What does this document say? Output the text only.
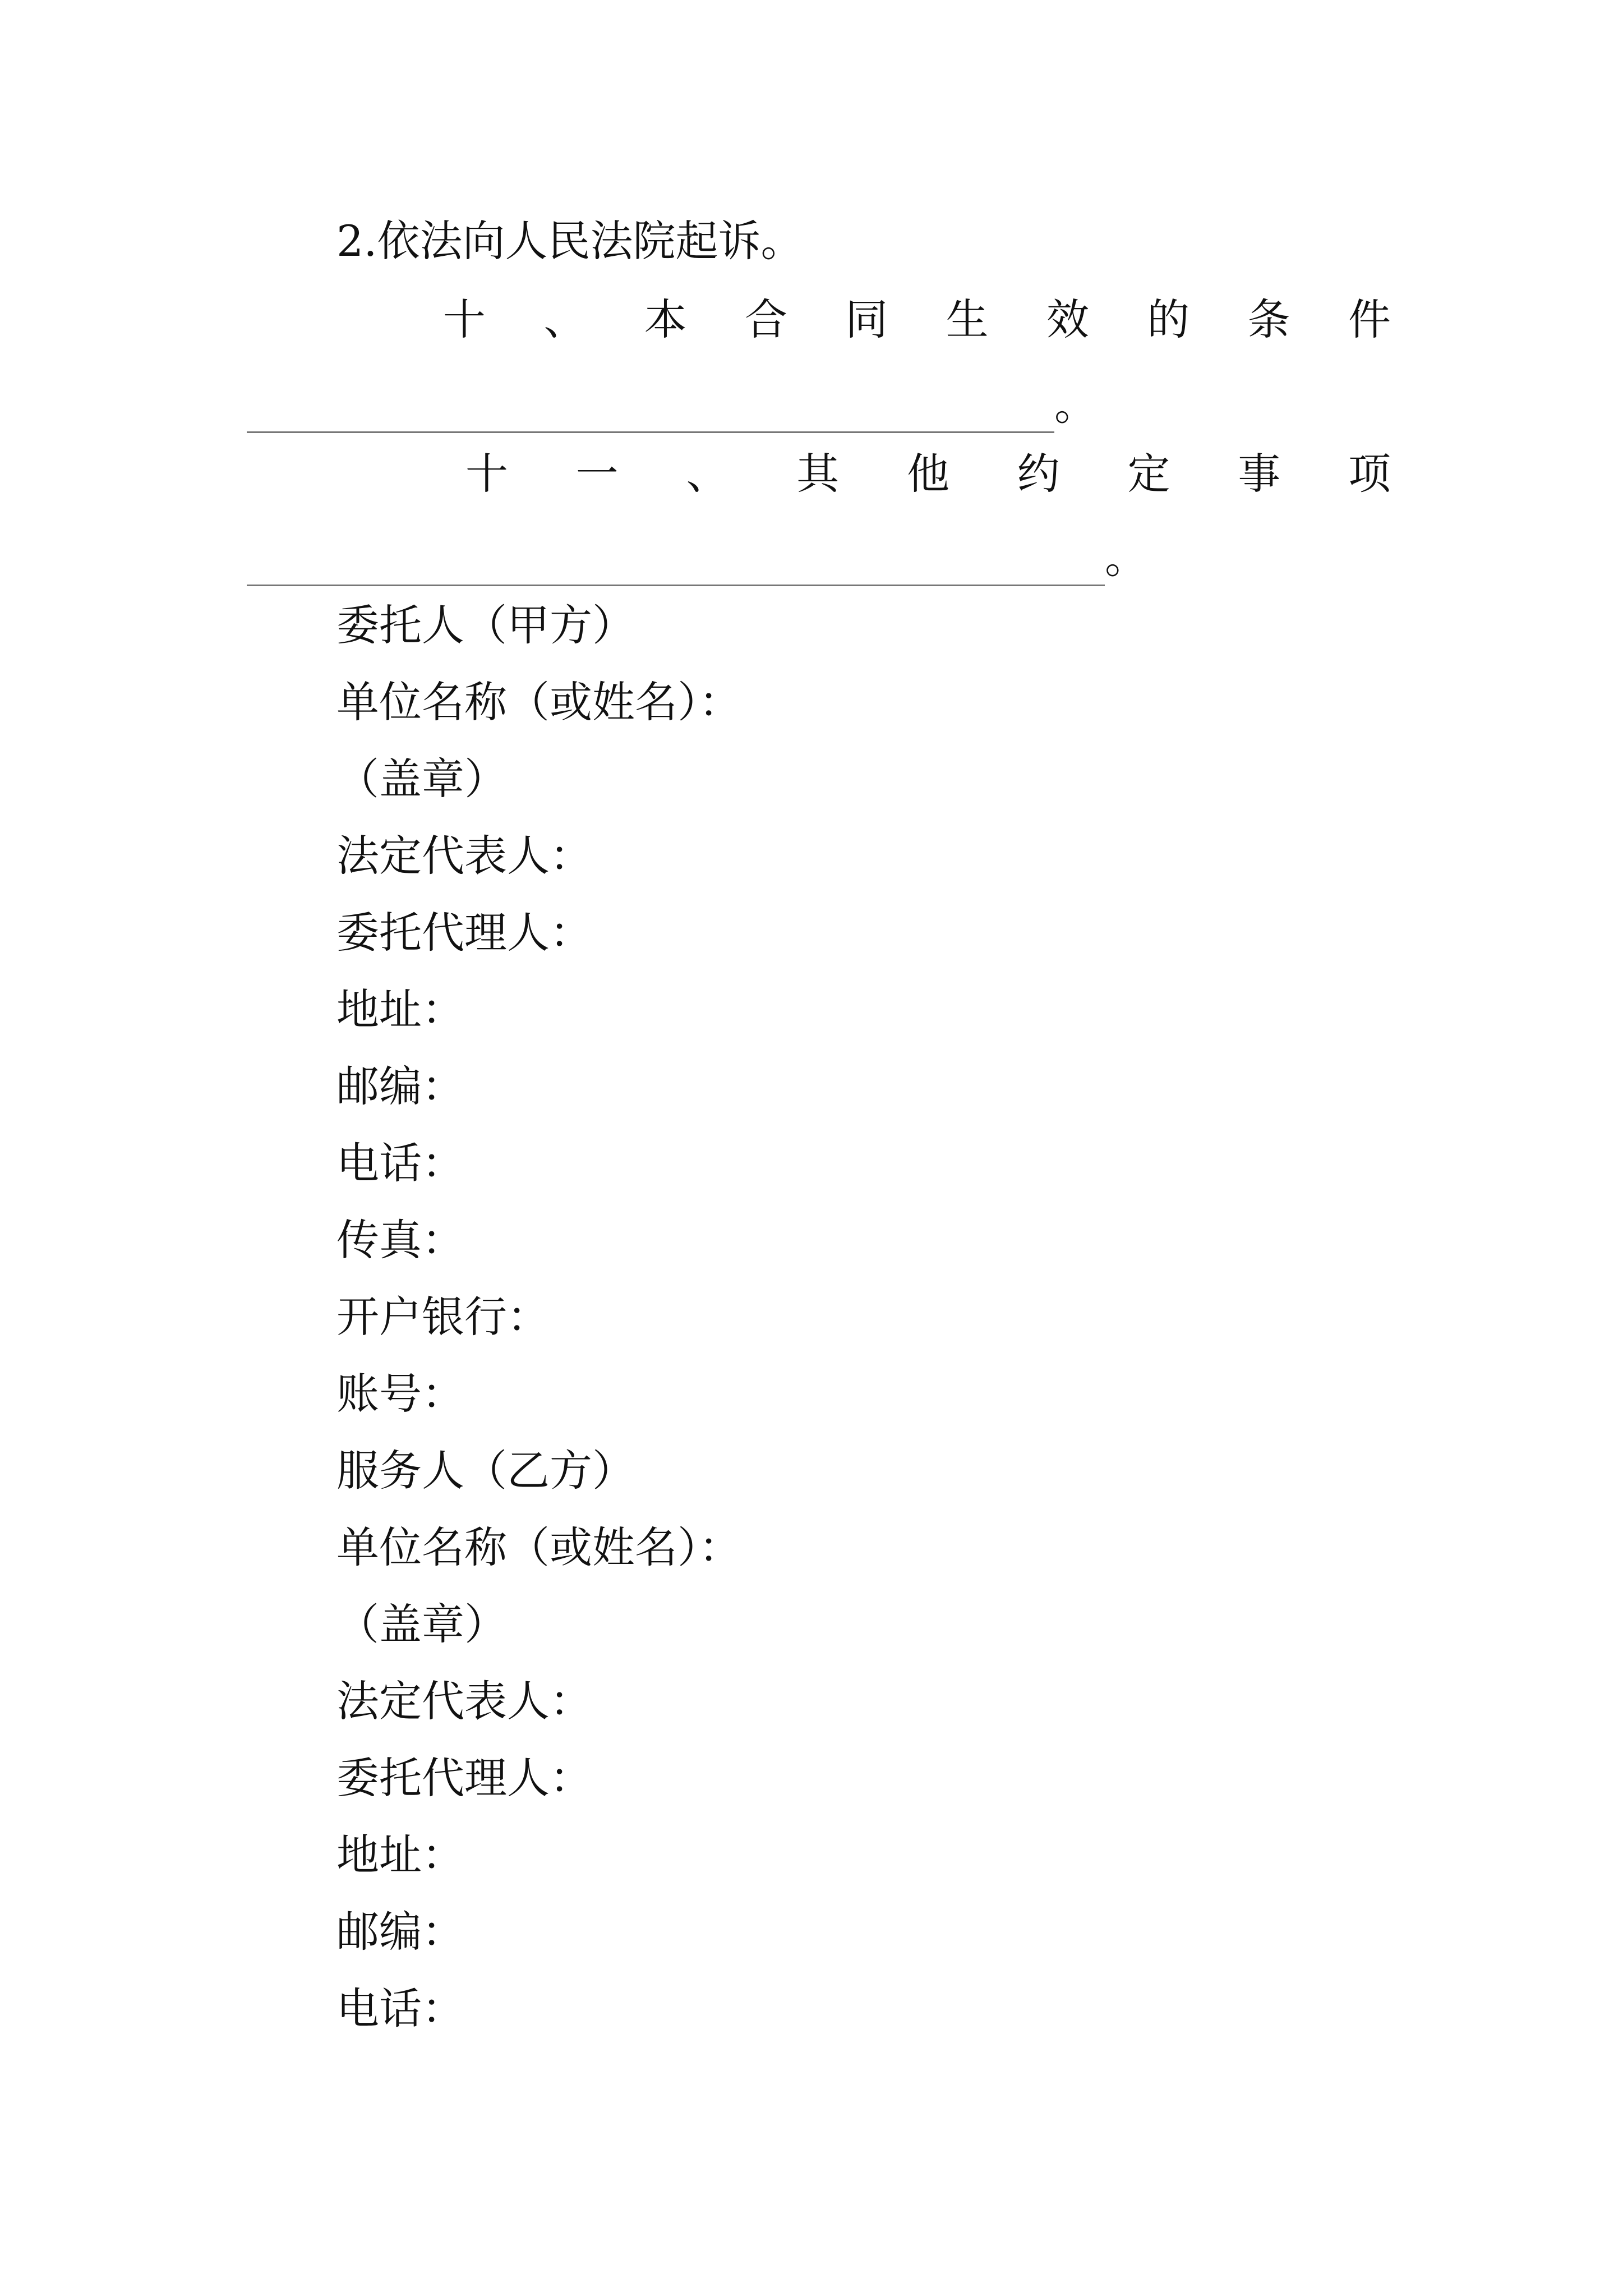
2.依法向人民法院起诉。
十 、 本 合 同 生 效 的 条 件
。
十 一 、 其 他 约 定 事 项
。
委托人（甲方）
单位名称（或姓名）：
（盖章）
法定代表人：
委托代理人：
地址：
邮编：
电话：
传真：
开户银行：
账号：
服务人（乙方）
单位名称（或姓名）：
（盖章）
法定代表人：
委托代理人：
地址：
邮编：
电话：
